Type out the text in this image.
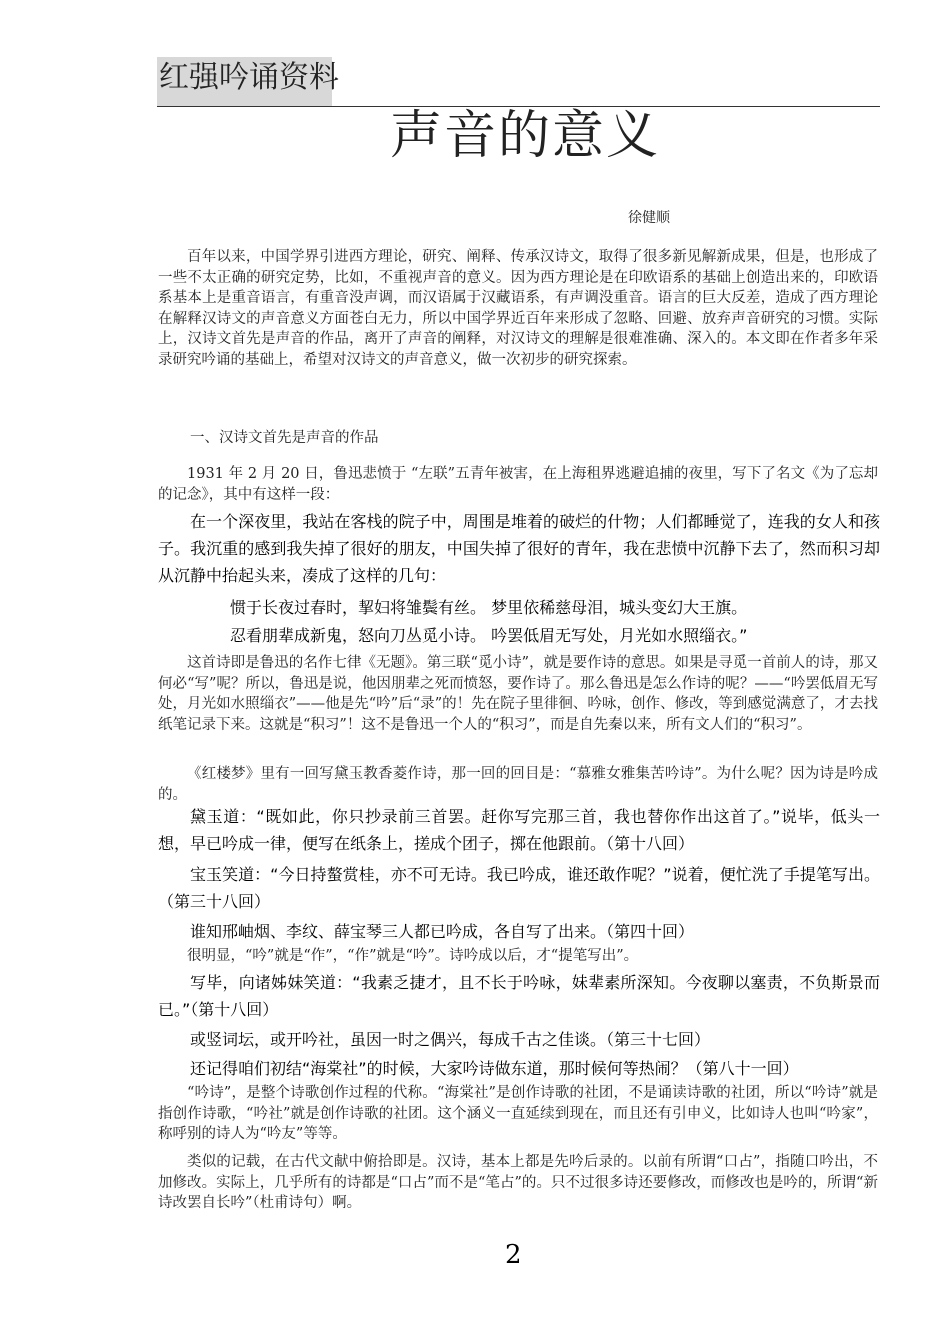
红强吟诵资料
声音的意义
徐健顺

百年以来，中国学界引进西方理论，研究、阐释、传承汉诗文，取得了很多新见解新成果，但是，也形成了一些不太正确的研究定势，比如，不重视声音的意义。因为西方理论是在印欧语系的基础上创造出来的，印欧语系基本上是重音语言，有重音没声调，而汉语属于汉藏语系，有声调没重音。语言的巨大反差，造成了西方理论在解释汉诗文的声音意义方面苍白无力，所以中国学界近百年来形成了忽略、回避、放弃声音研究的习惯。实际上，汉诗文首先是声音的作品，离开了声音的阐释，对汉诗文的理解是很难准确、深入的。本文即在作者多年采录研究吟诵的基础上，希望对汉诗文的声音意义，做一次初步的研究探索。

一、汉诗文首先是声音的作品

1931 年 2 月 20 日，鲁迅悲愤于 “左联”五青年被害，在上海租界逃避追捕的夜里，写下了名文《为了忘却的记念》，其中有这样一段：

在一个深夜里，我站在客栈的院子中，周围是堆着的破烂的什物；人们都睡觉了，连我的女人和孩子。我沉重的感到我失掉了很好的朋友，中国失掉了很好的青年，我在悲愤中沉静下去了，然而积习却从沉静中抬起头来，凑成了这样的几句：

惯于长夜过春时，挈妇将雏鬓有丝。 梦里依稀慈母泪，城头变幻大王旗。

忍看朋辈成新鬼，怒向刀丛觅小诗。 吟罢低眉无写处，月光如水照缁衣。”

这首诗即是鲁迅的名作七律《无题》。第三联“觅小诗”，就是要作诗的意思。如果是寻觅一首前人的诗，那又何必“写”呢？所以，鲁迅是说，他因朋辈之死而愤怒，要作诗了。那么鲁迅是怎么作诗的呢？——“吟罢低眉无写处，月光如水照缁衣”——他是先“吟”后“录”的！先在院子里徘徊、吟咏，创作、修改，等到感觉满意了，才去找纸笔记录下来。这就是“积习”！这不是鲁迅一个人的“积习”，而是自先秦以来，所有文人们的“积习”。

《红楼梦》里有一回写黛玉教香菱作诗，那一回的回目是：“慕雅女雅集苦吟诗”。为什么呢？因为诗是吟成的。

黛玉道：“既如此，你只抄录前三首罢。赶你写完那三首，我也替你作出这首了。”说毕，低头一想，早已吟成一律，便写在纸条上，搓成个团子，掷在他跟前。（第十八回）

宝玉笑道：“今日持螯赏桂，亦不可无诗。我已吟成，谁还敢作呢？”说着，便忙洗了手提笔写出。（第三十八回）

谁知邢岫烟、李纹、薛宝琴三人都已吟成，各自写了出来。（第四十回）

很明显，“吟”就是“作”，“作”就是“吟”。诗吟成以后，才“提笔写出”。

写毕，向诸姊妹笑道：“我素乏捷才，且不长于吟咏，妹辈素所深知。今夜聊以塞责，不负斯景而已。”（第十八回）

或竖词坛，或开吟社，虽因一时之偶兴，每成千古之佳谈。（第三十七回）

还记得咱们初结“海棠社”的时候，大家吟诗做东道，那时候何等热闹？（第八十一回）

“吟诗”，是整个诗歌创作过程的代称。“海棠社”是创作诗歌的社团，不是诵读诗歌的社团，所以“吟诗”就是指创作诗歌，“吟社”就是创作诗歌的社团。这个涵义一直延续到现在，而且还有引申义，比如诗人也叫“吟家”，称呼别的诗人为“吟友”等等。

类似的记载，在古代文献中俯拾即是。汉诗，基本上都是先吟后录的。以前有所谓“口占”，指随口吟出，不加修改。实际上，几乎所有的诗都是“口占”而不是“笔占”的。只不过很多诗还要修改，而修改也是吟的，所谓“新诗改罢自长吟”（杜甫诗句）啊。

2
